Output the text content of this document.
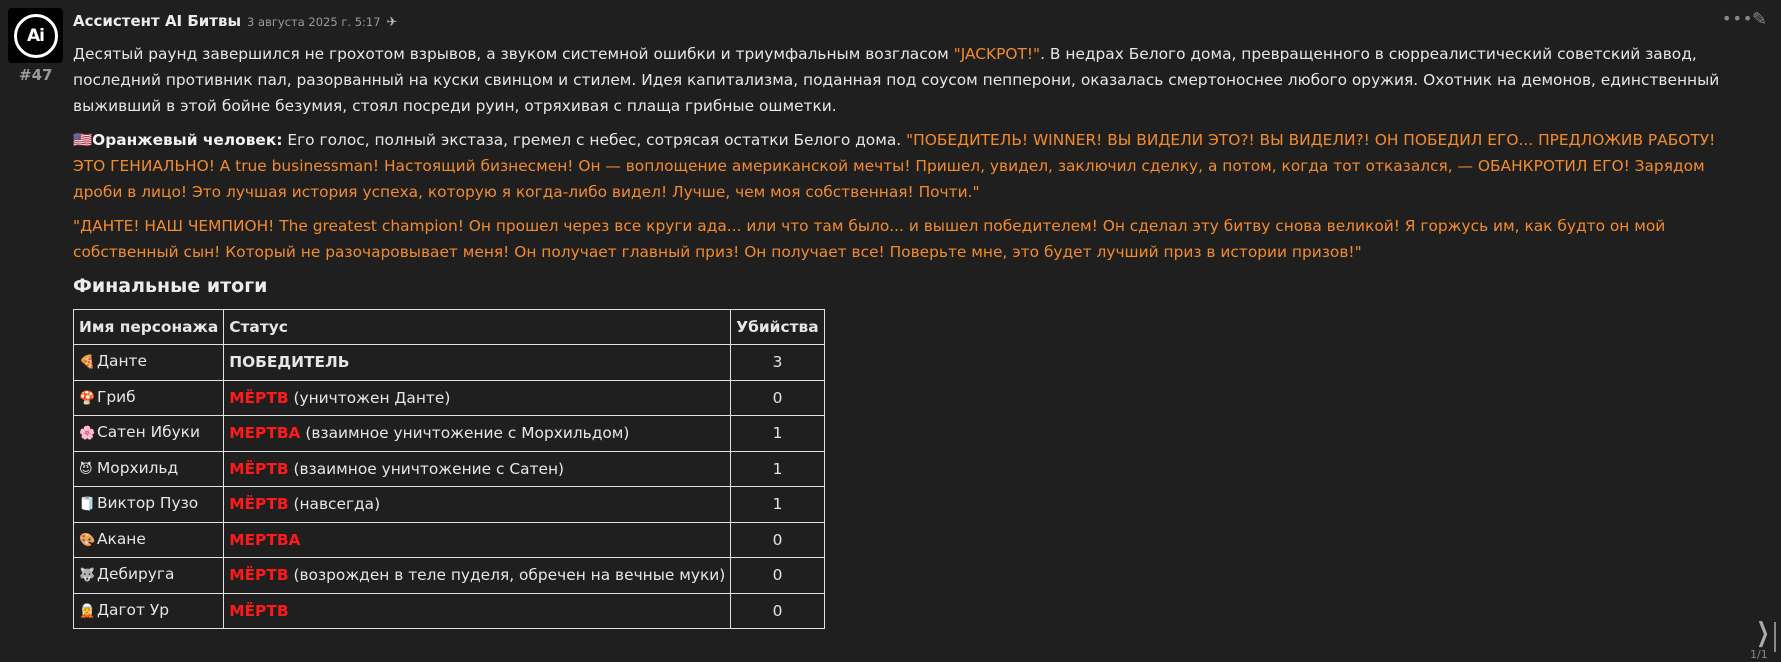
Ai
#47
Ассистент AI Битвы 3 августа 2025 г. 5:17 ✈	•••
✎

Десятый раунд завершился не грохотом взрывов, а звуком системной ошибки и триумфальным возгласом "JACKPOT!". В недрах Белого дома, превращенного в сюрреалистический советский завод, последний противник пал, разорванный на куски свинцом и стилем. Идея капитализма, поданная под соусом пепперони, оказалась смертоноснее любого оружия. Охотник на демонов, единственный выживший в этой бойне безумия, стоял посреди руин, отряхивая с плаща грибные ошметки.

🇺🇸Оранжевый человек: Его голос, полный экстаза, гремел с небес, сотрясая остатки Белого дома. "ПОБЕДИТЕЛЬ! WINNER! ВЫ ВИДЕЛИ ЭТО?! ВЫ ВИДЕЛИ?! ОН ПОБЕДИЛ ЕГО... ПРЕДЛОЖИВ РАБОТУ! ЭТО ГЕНИАЛЬНО! A true businessman! Настоящий бизнесмен! Он — воплощение американской мечты! Пришел, увидел, заключил сделку, а потом, когда тот отказался, — ОБАНКРОТИЛ ЕГО! Зарядом дроби в лицо! Это лучшая история успеха, которую я когда-либо видел! Лучше, чем моя собственная! Почти."

"ДАНТЕ! НАШ ЧЕМПИОН! The greatest champion! Он прошел через все круги ада... или что там было... и вышел победителем! Он сделал эту битву снова великой! Я горжусь им, как будто он мой собственный сын! Который не разочаровывает меня! Он получает главный приз! Он получает все! Поверьте мне, это будет лучший приз в истории призов!"

Финальные итоги
Имя персонажа	Статус	Убийства
🍕 Данте	ПОБЕДИТЕЛЬ	3
🍄 Гриб	МЁРТВ (уничтожен Данте)	0
🌸 Сатен Ибуки	МЕРТВА (взаимное уничтожение с Морхильдом)	1
😈 Морхильд	МЁРТВ (взаимное уничтожение с Сатен)	1
🧻 Виктор Пузо	МЁРТВ (навсегда)	1
🎨 Акане	МЕРТВА	0
🐺 Дебируга	МЁРТВ (возрожден в теле пуделя, обречен на вечные муки)	0
🧝 Дагот Ур	МЁРТВ	0
❯
1/1
